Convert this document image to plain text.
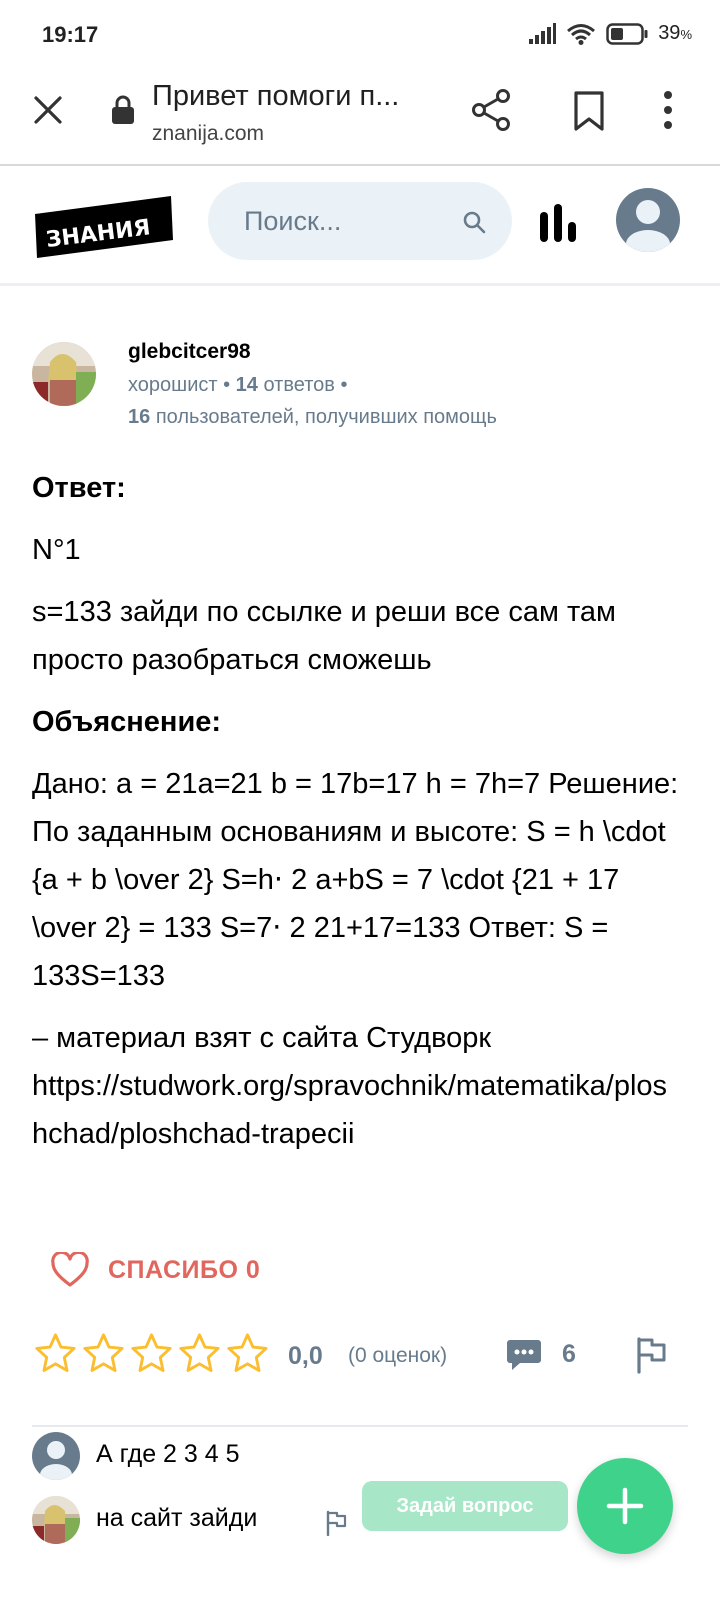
19:17	39%
Привет помоги п...
znanija.com
ЗНАНИЯ
Поиск...
glebcitcer98
хорошист • 14 ответов •
16 пользователей, получивших помощь
Ответ:

N°1

s=133 зайди по ссылке и реши все сам там просто разобраться сможешь

Объяснение:

Дано: a = 21a=21 b = 17b=17 h = 7h=7 Решение: По заданным основаниям и высоте: S = h \cdot {a + b \over 2} S=h⋅ 2 a+bS = 7 \cdot {21 + 17 \over 2} = 133 S=7⋅ 2 21+17=133 Ответ: S = 133S=133

– материал взят с сайта Студворк

https://studwork.org/spravochnik/matematika/ploshchad/ploshchad-trapecii

СПАСИБО 0
0,0 (0 оценок)	6
А где 2 3 4 5
на сайт зайди	Задай вопрос
